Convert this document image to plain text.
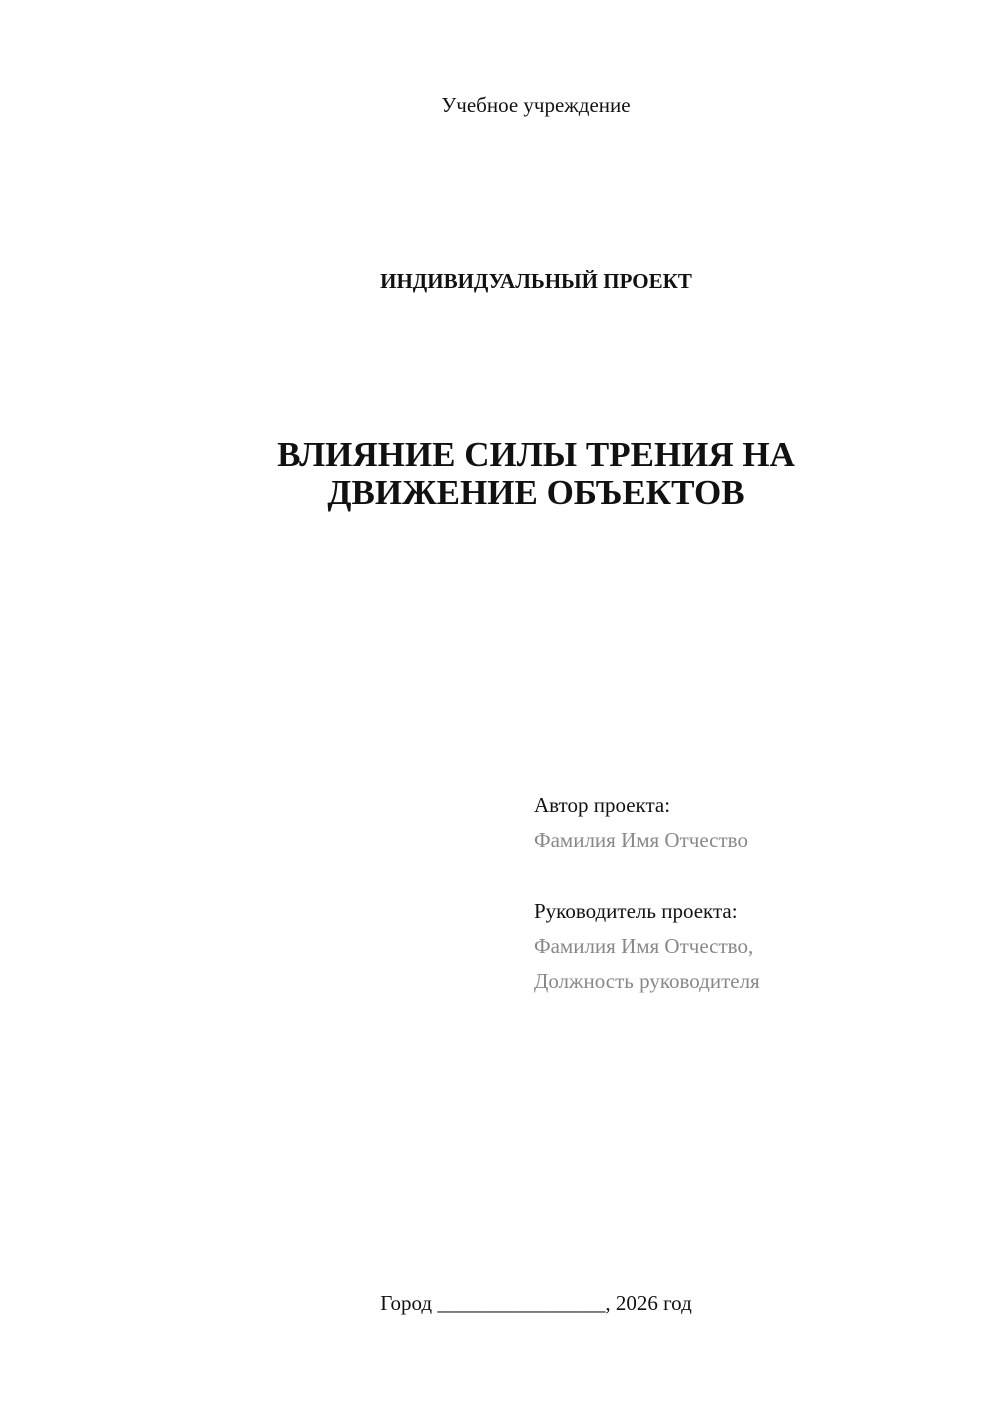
Учебное учреждение
ИНДИВИДУАЛЬНЫЙ ПРОЕКТ
ВЛИЯНИЕ СИЛЫ ТРЕНИЯ НА
ДВИЖЕНИЕ ОБЪЕКТОВ
Автор проекта:
Фамилия Имя Отчество
Руководитель проекта:
Фамилия Имя Отчество,
Должность руководителя
Город ________________, 2026 год
